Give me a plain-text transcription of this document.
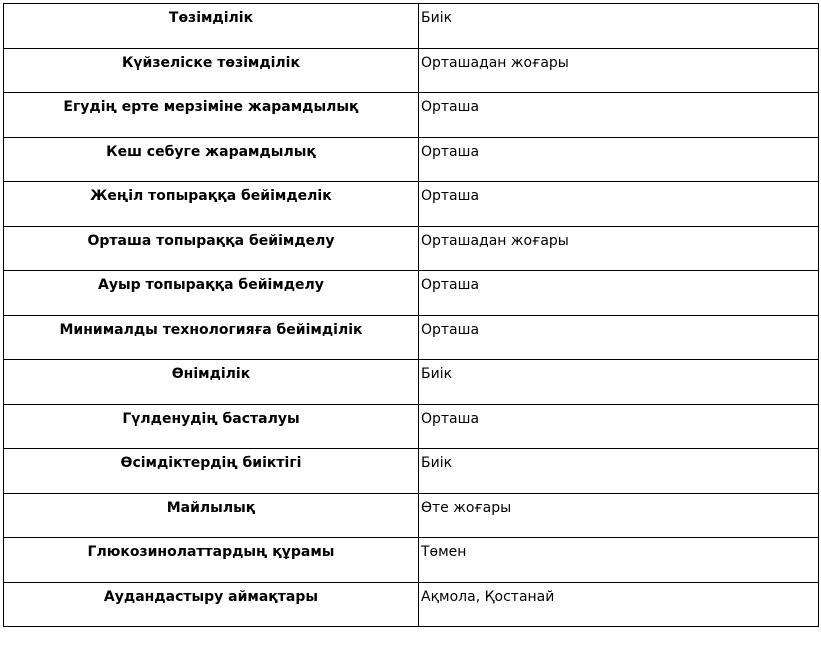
Төзімділік	Биік
Күйзеліске төзімділік	Орташадан жоғары
Егудің ерте мерзіміне жарамдылық	Орташа
Кеш себуге жарамдылық	Орташа
Жеңіл топыраққа бейімделік	Орташа
Орташа топыраққа бейімделу	Орташадан жоғары
Ауыр топыраққа бейімделу	Орташа
Минималды технологияға бейімділік	Орташа
Өнімділік	Биік
Гүлденудің басталуы	Орташа
Өсімдіктердің биіктігі	Биік
Майлылық	Өте жоғары
Глюкозинолаттардың құрамы	Төмен
Аудандастыру аймақтары	Ақмола, Қостанай
